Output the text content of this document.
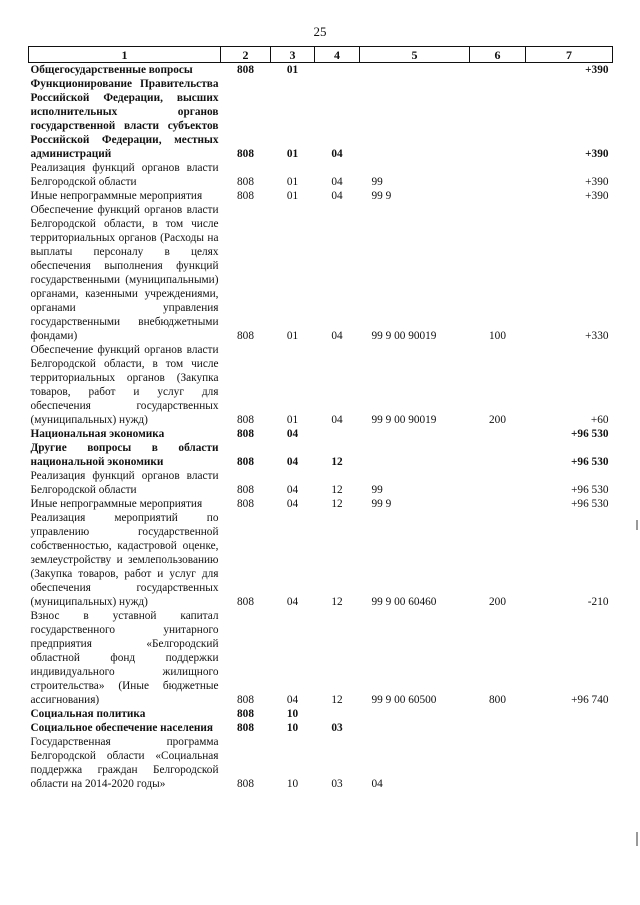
25
1	2	3	4	5	6	7
Общегосударственные вопросы	808	01				+390
Функционирование Правительства Российской Федерации, высших исполнительных органов государственной власти субъектов Российской Федерации, местных администраций	808	01	04			+390
Реализация функций органов власти Белгородской области	808	01	04	99		+390
Иные непрограммные мероприятия	808	01	04	99 9		+390
Обеспечение функций органов власти Белгородской области, в том числе территориальных органов (Расходы на выплаты персоналу в целях обеспечения выполнения функций государственными (муниципальными) органами, казенными учреждениями, органами управления государственными внебюджетными фондами)	808	01	04	99 9 00 90019	100	+330
Обеспечение функций органов власти Белгородской области, в том числе территориальных органов (Закупка товаров, работ и услуг для обеспечения государственных (муниципальных) нужд)	808	01	04	99 9 00 90019	200	+60
Национальная экономика	808	04				+96 530
Другие вопросы в области национальной экономики	808	04	12			+96 530
Реализация функций органов власти Белгородской области	808	04	12	99		+96 530
Иные непрограммные мероприятия	808	04	12	99 9		+96 530
Реализация мероприятий по управлению государственной собственностью, кадастровой оценке, землеустройству и землепользованию (Закупка товаров, работ и услуг для обеспечения государственных (муниципальных) нужд)	808	04	12	99 9 00 60460	200	-210
Взнос в уставной капитал государственного унитарного предприятия «Белгородский областной фонд поддержки индивидуального жилищного строительства» (Иные бюджетные ассигнования)	808	04	12	99 9 00 60500	800	+96 740
Социальная политика	808	10				
Социальное обеспечение населения	808	10	03			
Государственная программа Белгородской области «Социальная поддержка граждан Белгородской области на 2014-2020 годы»	808	10	03	04		
